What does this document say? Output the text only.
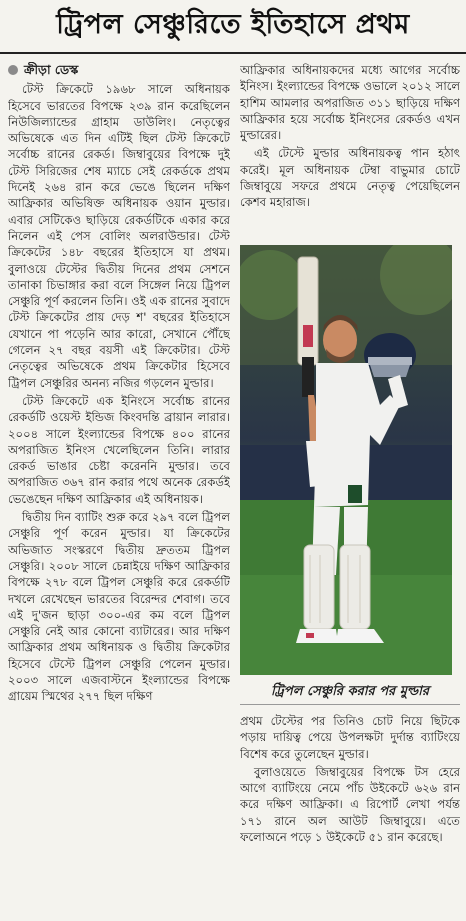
ট্রিপল সেঞ্চুরিতে ইতিহাসে প্রথম
ক্রীড়া ডেস্ক

টেস্ট ক্রিকেটে ১৯৬৮ সালে অধিনায়ক হিসেবে ভারতের বিপক্ষে ২৩৯ রান করেছিলেন নিউজিল্যান্ডের গ্রাহাম ডাউলিং। নেতৃত্বের অভিষেকে এত দিন এটিই ছিল টেস্ট ক্রিকেটে সর্বোচ্চ রানের রেকর্ড। জিম্বাবুয়ের বিপক্ষে দুই টেস্ট সিরিজের শেষ ম্যাচে সেই রেকর্ডকে প্রথম দিনেই ২৬৪ রান করে ভেঙে ছিলেন দক্ষিণ আফ্রিকার অভিষিক্ত অধিনায়ক ওয়ান মুল্ডার। এবার সেটিকেও ছাড়িয়ে রেকর্ডটিকে একার করে নিলেন এই পেস বোলিং অলরাউন্ডার। টেস্ট ক্রিকেটের ১৪৮ বছরের ইতিহাসে যা প্রথম। বুলাওয়ে টেস্টের দ্বিতীয় দিনের প্রথম সেশনে তানাকা চিভাঙ্গার করা বলে সিঙ্গেল নিয়ে ট্রিপল সেঞ্চুরি পূর্ণ করলেন তিনি। ওই এক রানের সুবাদে টেস্ট ক্রিকেটের প্রায় দেড় শ' বছরের ইতিহাসে যেখানে পা পড়েনি আর কারো, সেখানে পৌঁছে গেলেন ২৭ বছর বয়সী এই ক্রিকেটার। টেস্ট নেতৃত্বের অভিষেকে প্রথম ক্রিকেটার হিসেবে ট্রিপল সেঞ্চুরির অনন্য নজির গড়লেন মুল্ডার।

টেস্ট ক্রিকেটে এক ইনিংসে সর্বোচ্চ রানের রেকর্ডটি ওয়েস্ট ইন্ডিজ কিংবদন্তি ব্রায়ান লারার। ২০০৪ সালে ইংল্যান্ডের বিপক্ষে ৪০০ রানের অপরাজিত ইনিংস খেলেছিলেন তিনি। লারার রেকর্ড ভাঙার চেষ্টা করেননি মুল্ডার। তবে অপরাজিত ৩৬৭ রান করার পথে অনেক রেকর্ডই ভেঙেছেন দক্ষিণ আফ্রিকার এই অধিনায়ক।

দ্বিতীয় দিন ব্যাটিং শুরু করে ২৯৭ বলে ট্রিপল সেঞ্চুরি পূর্ণ করেন মুল্ডার। যা ক্রিকেটের অভিজাত সংস্করণে দ্বিতীয় দ্রুততম ট্রিপল সেঞ্চুরি। ২০০৮ সালে চেন্নাইয়ে দক্ষিণ আফ্রিকার বিপক্ষে ২৭৮ বলে ট্রিপল সেঞ্চুরি করে রেকর্ডটি দখলে রেখেছেন ভারতের বিরেন্দর শেবাগ। তবে এই দু'জন ছাড়া ৩০০-এর কম বলে ট্রিপল সেঞ্চুরি নেই আর কোনো ব্যাটারের। আর দক্ষিণ আফ্রিকার প্রথম অধিনায়ক ও দ্বিতীয় ক্রিকেটার হিসেবে টেস্টে ট্রিপল সেঞ্চুরি পেলেন মুল্ডার। ২০০৩ সালে এজবাস্টনে ইংল্যান্ডের বিপক্ষে গ্রায়েম স্মিথের ২৭৭ ছিল দক্ষিণ

আফ্রিকার অধিনায়কদের মধ্যে আগের সর্বোচ্চ ইনিংস। ইংল্যান্ডের বিপক্ষে ওভালে ২০১২ সালে হাশিম আমলার অপরাজিত ৩১১ ছাড়িয়ে দক্ষিণ আফ্রিকার হয়ে সর্বোচ্চ ইনিংসের রেকর্ডও এখন মুল্ডারের।

এই টেস্টে মুল্ডার অধিনায়কত্ব পান হঠাৎ করেই। মূল অধিনায়ক টেম্বা বাভুমার চোটে জিম্বাবুয়ে সফরে প্রথমে নেতৃত্ব পেয়েছিলেন কেশব মহারাজ।

ট্রিপল সেঞ্চুরি করার পর মুল্ডার

প্রথম টেস্টের পর তিনিও চোট নিয়ে ছিটকে পড়ায় দায়িত্ব পেয়ে উপলক্ষটা দুর্দান্ত ব্যাটিংয়ে বিশেষ করে তুলেছেন মুল্ডার।

বুলাওয়েতে জিম্বাবুয়ের বিপক্ষে টস হেরে আগে ব্যাটিংয়ে নেমে পাঁচ উইকেটে ৬২৬ রান করে দক্ষিণ আফ্রিকা। এ রিপোর্ট লেখা পর্যন্ত ১৭১ রানে অল আউট জিম্বাবুয়ে। এতে ফলোঅনে পড়ে ১ উইকেটে ৫১ রান করেছে।
